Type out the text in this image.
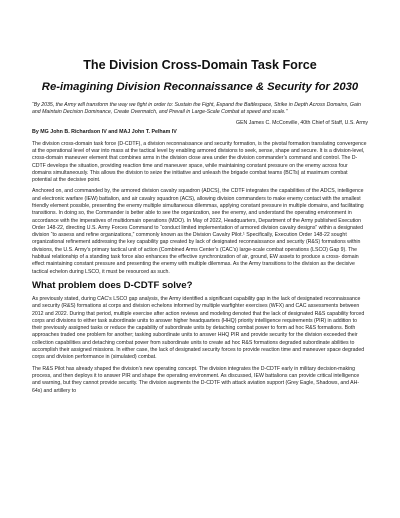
The Division Cross-Domain Task Force
Re-imagining Division Reconnaissance & Security for 2030

“By 2035, the Army will transform the way we fight in order to: Sustain the Fight, Expand the Battlespace, Strike in Depth Across Domains, Gain and Maintain Decision Dominance, Create Overmatch, and Prevail in Large-Scale Combat at speed and scale.”

GEN James C. McConville, 40th Chief of Staff, U.S. Army

By MG John B. Richardson IV and MAJ John T. Pelham IV

The division cross-domain task force (D-CDTF), a division reconnaissance and security formation, is the pivotal formation translating convergence at the operational level of war into mass at the tactical level by enabling armored divisions to seek, sense, shape and secure. It is a division-level, cross-domain maneuver element that combines arms in the division close area under the division commander’s command and control. The D-CDTF develops the situation, providing reaction time and maneuver space, while maintaining constant pressure on the enemy across four domains simultaneously. This allows the division to seize the initiative and unleash the brigade combat teams (BCTs) at maximum combat potential at the decisive point.

Anchored on, and commanded by, the armored division cavalry squadron (ADCS), the CDTF integrates the capabilities of the ADCS, intelligence and electronic warfare (IEW) battalion, and air cavalry squadron (ACS), allowing division commanders to make enemy contact with the smallest friendly element possible, presenting the enemy multiple simultaneous dilemmas, applying constant pressure in multiple domains, and facilitating transitions. In doing so, the Commander is better able to see the organization, see the enemy, and understand the operating environment in accordance with the imperatives of multidomain operations (MDO). In May of 2022, Headquarters, Department of the Army published Execution Order 148-22, directing U.S. Army Forces Command to “conduct limited implementation of armored division cavalry designs” within a designated division “to assess and refine organizations,” commonly known as the Division Cavalry Pilot.¹ Specifically, Execution Order 148-22 sought organizational refinement addressing the key capability gap created by lack of designated reconnaissance and security (R&S) formations within divisions, the U.S. Army’s primary tactical unit of action (Combined Arms Center’s (CAC’s) large-scale combat operations (LSCO) Gap 9). The habitual relationship of a standing task force also enhances the effective synchronization of air, ground, EW assets to produce a cross- domain effect maintaining constant pressure and presenting the enemy with multiple dilemmas. As the Army transitions to the division as the decisive tactical echelon during LSCO, it must be resourced as such.

What problem does D-CDTF solve?

As previously stated, during CAC’s LSCO gap analysis, the Army identified a significant capability gap in the lack of designated reconnaissance and security (R&S) formations at corps and division echelons informed by multiple warfighter exercises (WFX) and CAC assessments between 2012 and 2022. During that period, multiple exercise after action reviews and modeling denoted that the lack of designated R&S capability forced corps and divisions to either task subordinate units to answer higher headquarters (HHQ) priority intelligence requirements (PIR) in addition to their previously assigned tasks or reduce the capability of subordinate units by detaching combat power to form ad hoc R&S formations. Both approaches traded one problem for another; tasking subordinate units to answer HHQ PIR and provide security for the division exceeded their collection capabilities and detaching combat power from subordinate units to create ad hoc R&S formations degraded subordinate abilities to accomplish their assigned missions. In either case, the lack of designated security forces to provide reaction time and maneuver space degraded corps and division performance in (simulated) combat.

The R&S Pilot has already shaped the division’s new operating concept. The division integrates the D-CDTF early in military decision-making process, and then deploys it to answer PIR and shape the operating environment. As discussed, IEW battalions can provide critical intelligence and warning, but they cannot provide security. The division augments the D-CDTF with attack aviation support (Grey Eagle, Shadows, and AH-64s) and artillery to
